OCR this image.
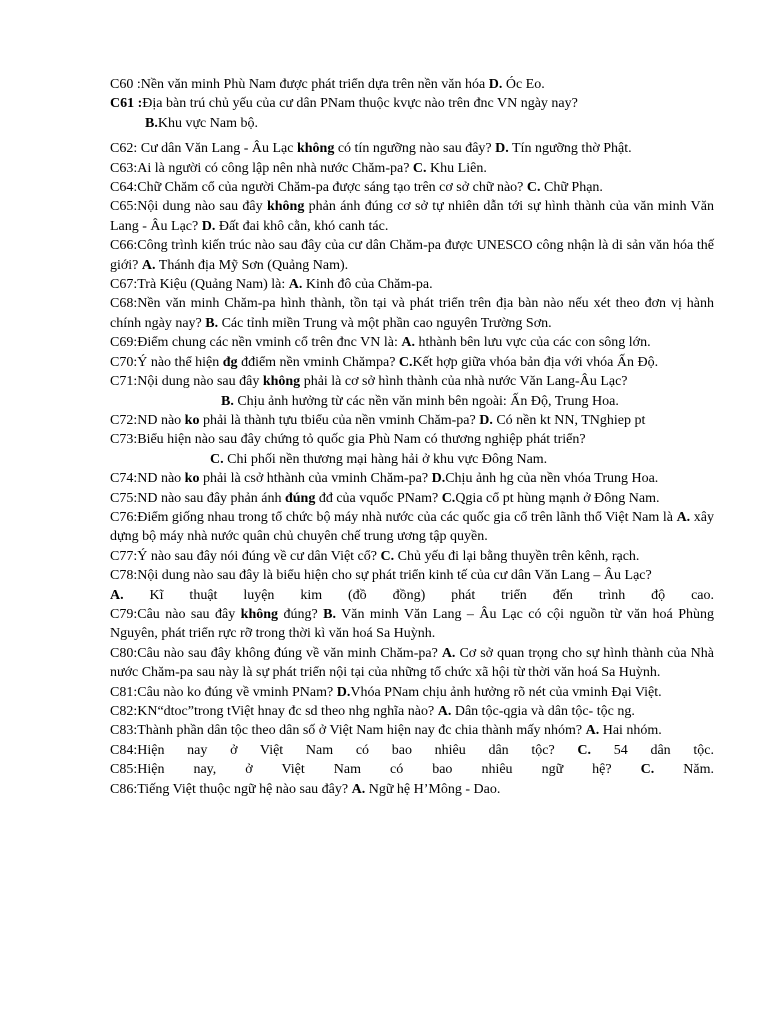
C60 :Nền văn minh Phù Nam được phát triển dựa trên nền văn hóa D. Óc Eo.

C61 :Địa bàn trú chủ yếu của cư dân PNam thuộc kvực nào trên đnc VN ngày nay?

B.Khu vực Nam bộ.

C62: Cư dân Văn Lang - Âu Lạc không có tín ngưỡng nào sau đây? D. Tín ngưỡng thờ Phật.

C63:Ai là người có công lập nên nhà nước Chăm-pa? C. Khu Liên.

C64:Chữ Chăm cổ của người Chăm-pa được sáng tạo trên cơ sở chữ nào? C. Chữ Phạn.

C65:Nội dung nào sau đây không phản ánh đúng cơ sở tự nhiên dẫn tới sự hình thành của văn minh Văn Lang - Âu Lạc? D. Đất đai khô cằn, khó canh tác.

C66:Công trình kiến trúc nào sau đây của cư dân Chăm-pa được UNESCO công nhận là di sản văn hóa thế giới? A. Thánh địa Mỹ Sơn (Quảng Nam).

C67:Trà Kiệu (Quảng Nam) là: A. Kinh đô của Chăm-pa.

C68:Nền văn minh Chăm-pa hình thành, tồn tại và phát triển trên địa bàn nào nếu xét theo đơn vị hành chính ngày nay? B. Các tỉnh miền Trung và một phần cao nguyên Trường Sơn.

C69:Điểm chung các nền vminh cổ trên đnc VN là: A. hthành bên lưu vực của các con sông lớn.

C70:Ý nào thể hiện đg đđiểm nền vminh Chămpa? C.Kết hợp giữa vhóa bản địa với vhóa Ấn Độ.

C71:Nội dung nào sau đây không phải là cơ sở hình thành của nhà nước Văn Lang-Âu Lạc?

B. Chịu ảnh hưởng từ các nền văn minh bên ngoài: Ấn Độ, Trung Hoa.

C72:ND nào ko phải là thành tựu tbiểu của nền vminh Chăm-pa? D. Có nền kt NN, TNghiep pt

C73:Biểu hiện nào sau đây chứng tỏ quốc gia Phù Nam có thương nghiệp phát triển?

C. Chi phối nền thương mại hàng hải ở khu vực Đông Nam.

C74:ND nào ko phải là csở hthành của vminh Chăm-pa? D.Chịu ảnh hg của nền vhóa Trung Hoa.

C75:ND nào sau đây phản ánh đúng đđ của vquốc PNam? C.Qgia cổ pt hùng mạnh ở Đông Nam.

C76:Điểm giống nhau trong tổ chức bộ máy nhà nước của các quốc gia cổ trên lãnh thổ Việt Nam là A. xây dựng bộ máy nhà nước quân chủ chuyên chế trung ương tập quyền.

C77:Ý nào sau đây nói đúng về cư dân Việt cổ? C. Chủ yếu đi lại bằng thuyền trên kênh, rạch.

C78:Nội dung nào sau đây là biểu hiện cho sự phát triển kinh tế của cư dân Văn Lang – Âu Lạc?

A. Kĩ thuật luyện kim (đồ đồng) phát triển đến trình độ cao.

C79:Câu nào sau đây không đúng? B. Văn minh Văn Lang – Âu Lạc có cội nguồn từ văn hoá Phùng Nguyên, phát triển rực rỡ trong thời kì văn hoá Sa Huỳnh.

C80:Câu nào sau đây không đúng về văn minh Chăm-pa? A. Cơ sở quan trọng cho sự hình thành của Nhà nước Chăm-pa sau này là sự phát triển nội tại của những tổ chức xã hội từ thời văn hoá Sa Huỳnh.

C81:Câu nào ko đúng về vminh PNam? D.Vhóa PNam chịu ảnh hưởng rõ nét của vminh Đại Việt.

C82:KN“dtoc”trong tViệt hnay đc sd theo nhg nghĩa nào? A. Dân tộc-qgia và dân tộc- tộc ng.

C83:Thành phần dân tộc theo dân số ở Việt Nam hiện nay đc chia thành mấy nhóm? A. Hai nhóm.

C84:Hiện nay ở Việt Nam có bao nhiêu dân tộc? C. 54 dân tộc.

C85:Hiện nay, ở Việt Nam có bao nhiêu ngữ hệ? C. Năm.

C86:Tiếng Việt thuộc ngữ hệ nào sau đây? A. Ngữ hệ H’Mông - Dao.
